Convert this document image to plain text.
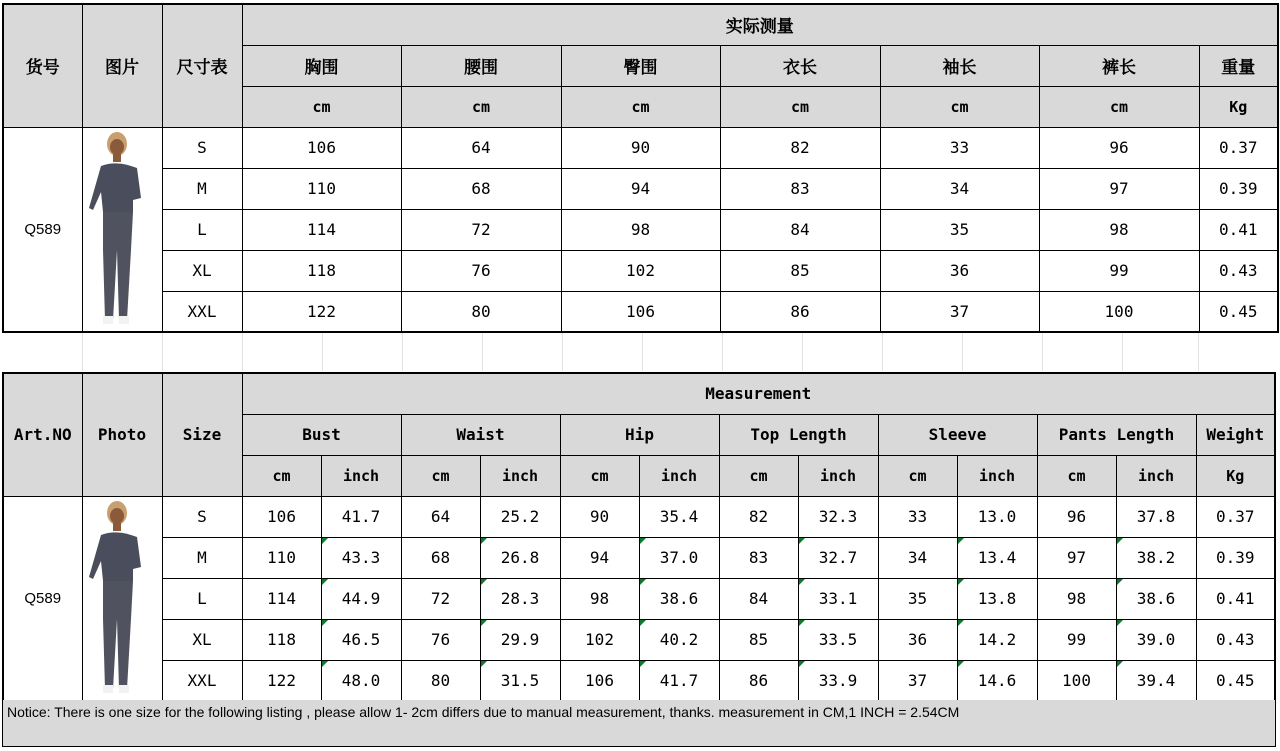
货号	图片	尺寸表	实际测量						
			胸围	腰围	臀围	衣长	袖长	裤长	重量
			cm	cm	cm	cm	cm	cm	Kg
Q589		S	106	64	90	82	33	96	0.37
		M	110	68	94	83	34	97	0.39
		L	114	72	98	84	35	98	0.41
		XL	118	76	102	85	36	99	0.43
		XXL	122	80	106	86	37	100	0.45
Art.NO	Photo	Size	Measurement												
			Bust		Waist		Hip		Top Length		Sleeve		Pants Length		Weight
			cm	inch	cm	inch	cm	inch	cm	inch	cm	inch	cm	inch	Kg
Q589		S	106	41.7	64	25.2	90	35.4	82	32.3	33	13.0	96	37.8	0.37
		M	110	43.3	68	26.8	94	37.0	83	32.7	34	13.4	97	38.2	0.39
		L	114	44.9	72	28.3	98	38.6	84	33.1	35	13.8	98	38.6	0.41
		XL	118	46.5	76	29.9	102	40.2	85	33.5	36	14.2	99	39.0	0.43
		XXL	122	48.0	80	31.5	106	41.7	86	33.9	37	14.6	100	39.4	0.45
Notice: There is one size for the following listing , please allow 1- 2cm differs due to manual measurement, thanks. measurement in CM,1 INCH = 2.54CM
